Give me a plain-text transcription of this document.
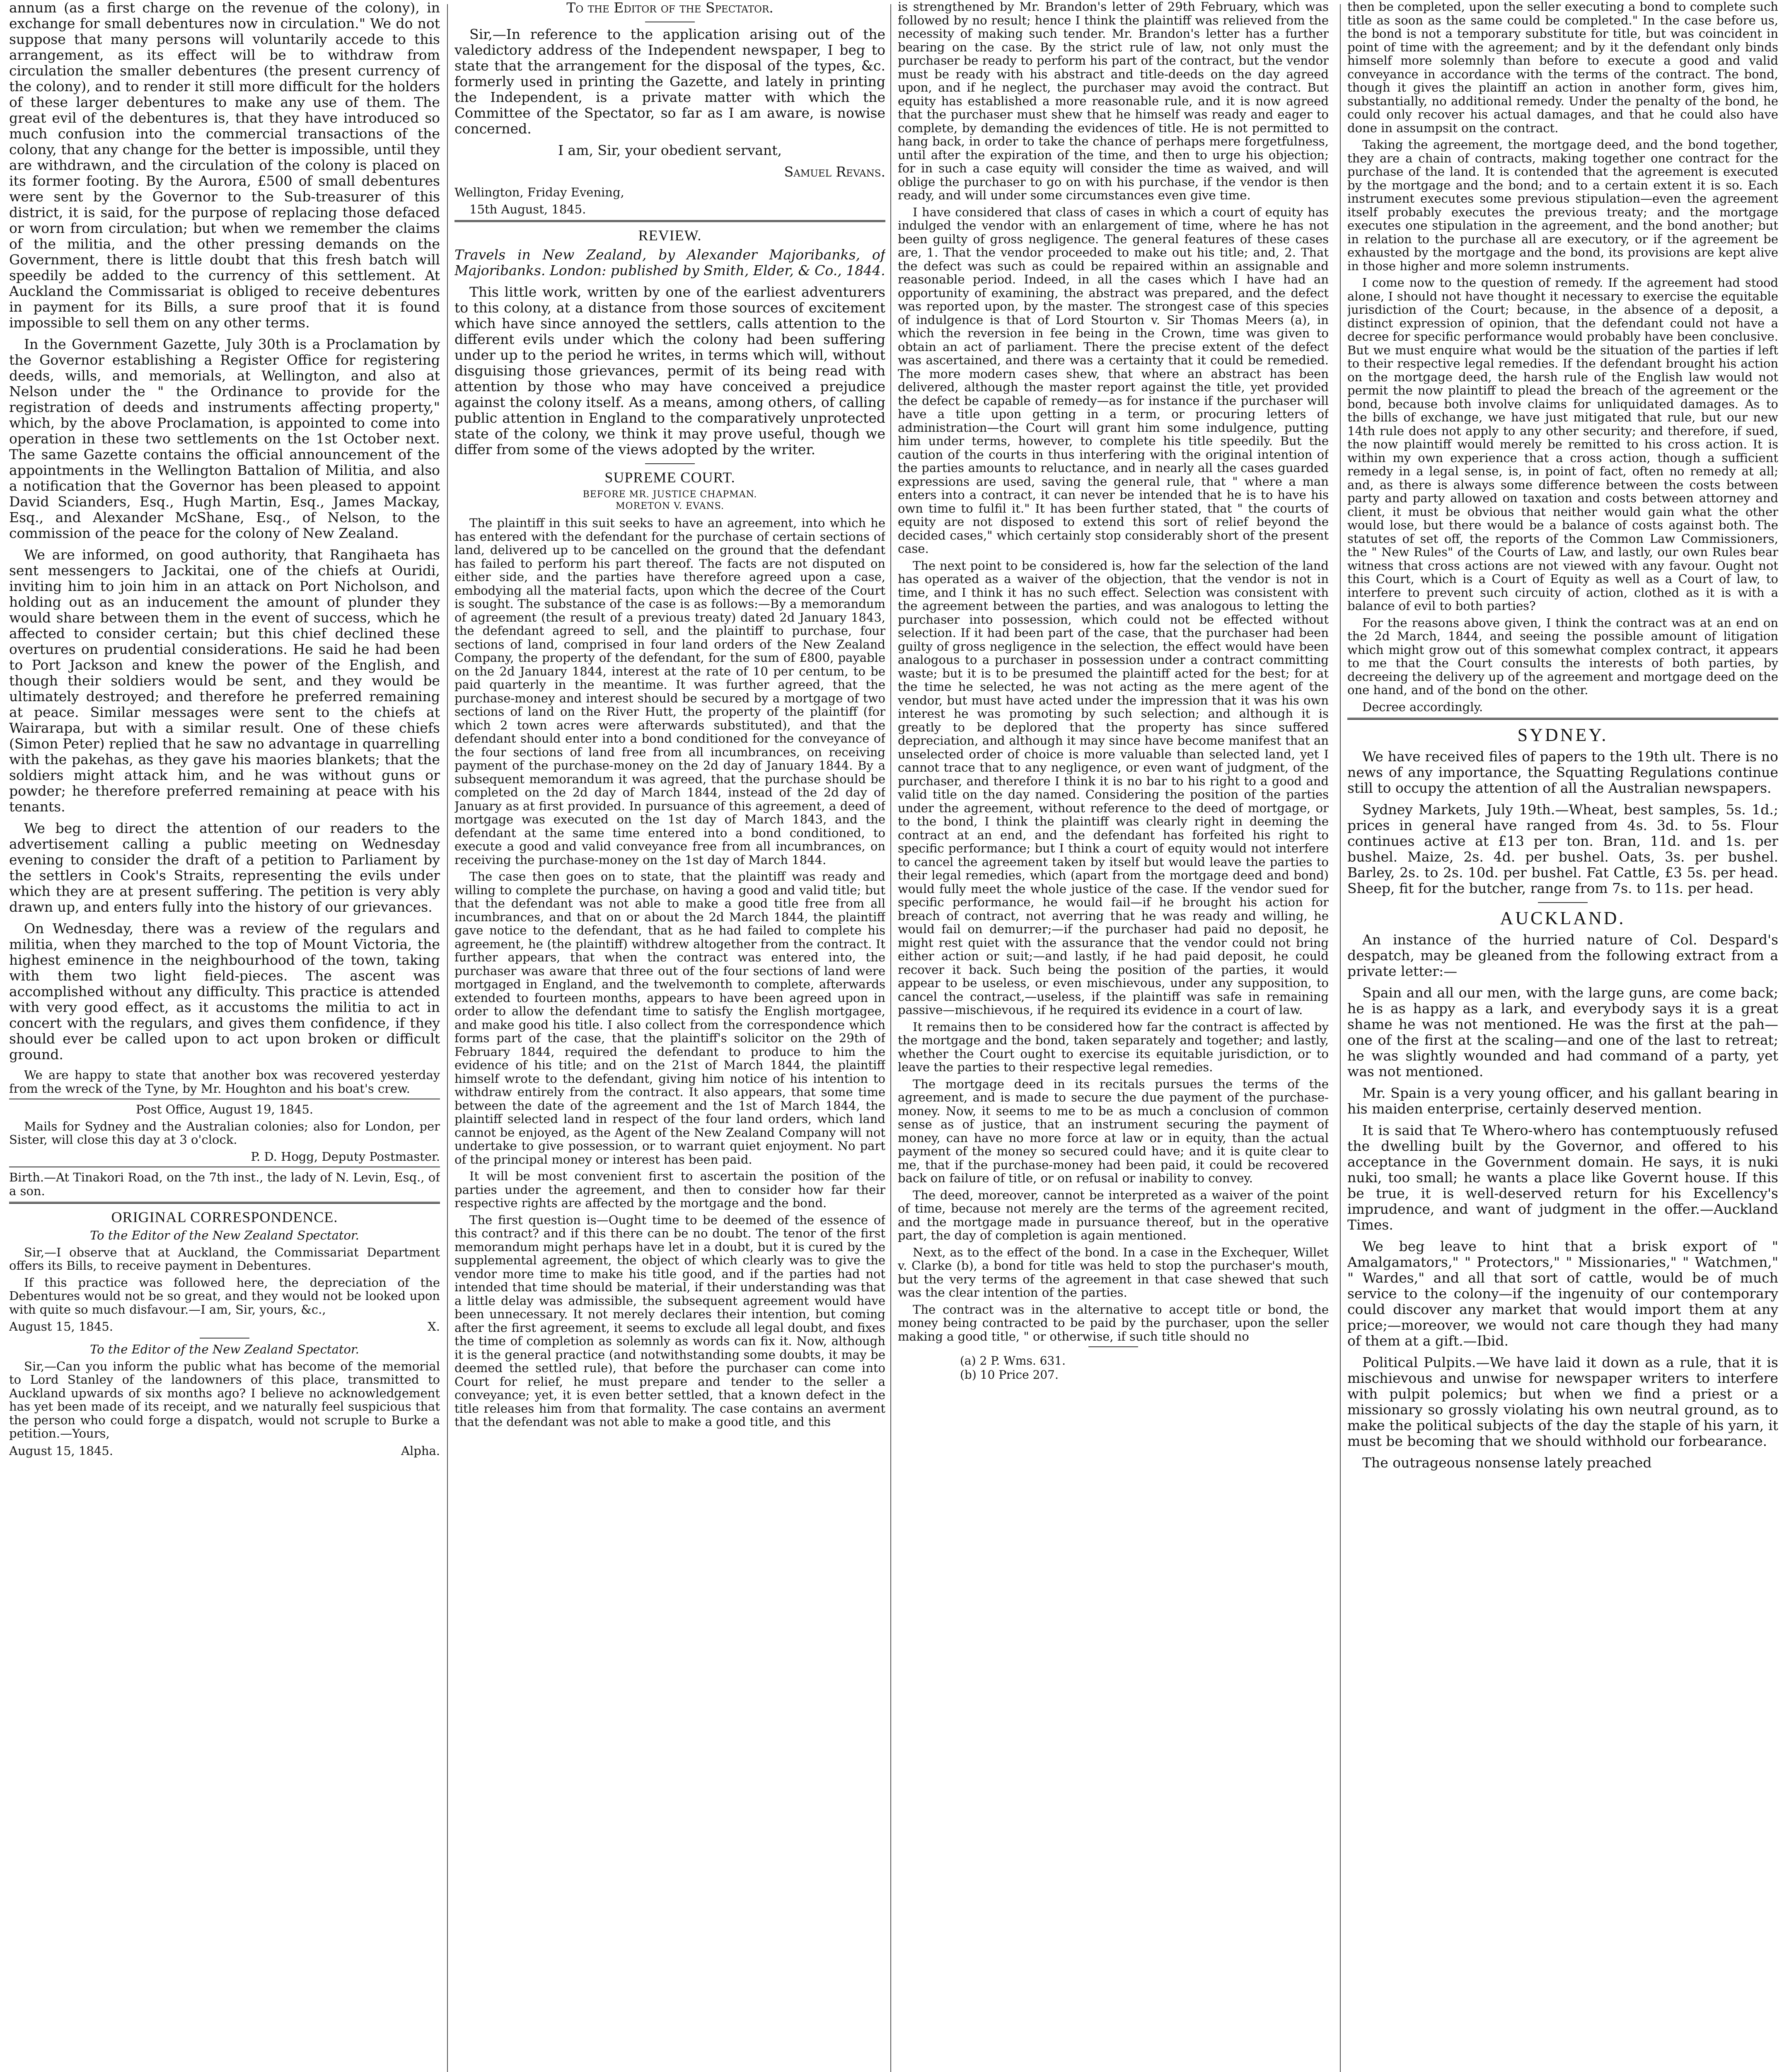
annum (as a first charge on the revenue of the colony), in exchange for small debentures now in circulation." We do not suppose that many persons will voluntarily accede to this arrangement, as its effect will be to withdraw from circulation the smaller debentures (the present currency of the colony), and to render it still more difficult for the holders of these larger debentures to make any use of them. The great evil of the debentures is, that they have introduced so much confusion into the commercial transactions of the colony, that any change for the better is impossible, until they are withdrawn, and the circulation of the colony is placed on its former footing. By the Aurora, £500 of small debentures were sent by the Governor to the Sub-treasurer of this district, it is said, for the purpose of replacing those defaced or worn from circulation; but when we remember the claims of the militia, and the other pressing demands on the Government, there is little doubt that this fresh batch will speedily be added to the currency of this settlement. At Auckland the Commissariat is obliged to receive debentures in payment for its Bills, a sure proof that it is found impossible to sell them on any other terms.

In the Government Gazette, July 30th is a Proclamation by the Governor establishing a Register Office for registering deeds, wills, and memorials, at Wellington, and also at Nelson under the " the Ordinance to provide for the registration of deeds and instruments affecting property," which, by the above Proclamation, is appointed to come into operation in these two settlements on the 1st October next. The same Gazette contains the official announcement of the appointments in the Wellington Battalion of Militia, and also a notification that the Governor has been pleased to appoint David Scianders, Esq., Hugh Martin, Esq., James Mackay, Esq., and Alexander McShane, Esq., of Nelson, to the commission of the peace for the colony of New Zealand.

We are informed, on good authority, that Rangihaeta has sent messengers to Jackitai, one of the chiefs at Ouridi, inviting him to join him in an attack on Port Nicholson, and holding out as an inducement the amount of plunder they would share between them in the event of success, which he affected to consider certain; but this chief declined these overtures on prudential considerations. He said he had been to Port Jackson and knew the power of the English, and though their soldiers would be sent, and they would be ultimately destroyed; and therefore he preferred remaining at peace. Similar messages were sent to the chiefs at Wairarapa, but with a similar result. One of these chiefs (Simon Peter) replied that he saw no advantage in quarrelling with the pakehas, as they gave his maories blankets; that the soldiers might attack him, and he was without guns or powder; he therefore preferred remaining at peace with his tenants.

We beg to direct the attention of our readers to the advertisement calling a public meeting on Wednesday evening to consider the draft of a petition to Parliament by the settlers in Cook's Straits, representing the evils under which they are at present suffering. The petition is very ably drawn up, and enters fully into the history of our grievances.

On Wednesday, there was a review of the regulars and militia, when they marched to the top of Mount Victoria, the highest eminence in the neighbourhood of the town, taking with them two light field-pieces. The ascent was accomplished without any difficulty. This practice is attended with very good effect, as it accustoms the militia to act in concert with the regulars, and gives them confidence, if they should ever be called upon to act upon broken or difficult ground.

We are happy to state that another box was recovered yesterday from the wreck of the Tyne, by Mr. Houghton and his boat's crew.

Post Office, August 19, 1845.

Mails for Sydney and the Australian colonies; also for London, per Sister, will close this day at 3 o'clock.

P. D. Hogg, Deputy Postmaster.

Birth.—At Tinakori Road, on the 7th inst., the lady of N. Levin, Esq., of a son.

ORIGINAL CORRESPONDENCE.

To the Editor of the New Zealand Spectator.

Sir,—I observe that at Auckland, the Commissariat Department offers its Bills, to receive payment in Debentures.

If this practice was followed here, the depreciation of the Debentures would not be so great, and they would not be looked upon with quite so much disfavour.—I am, Sir, yours, &c.,

August 15, 1845.	X.

To the Editor of the New Zealand Spectator.

Sir,—Can you inform the public what has become of the memorial to Lord Stanley of the landowners of this place, transmitted to Auckland upwards of six months ago? I believe no acknowledgement has yet been made of its receipt, and we naturally feel suspicious that the person who could forge a dispatch, would not scruple to Burke a petition.—Yours,

August 15, 1845.	Alpha.

To the Editor of the Spectator.

Sir,—In reference to the application arising out of the valedictory address of the Independent newspaper, I beg to state that the arrangement for the disposal of the types, &c. formerly used in printing the Gazette, and lately in printing the Independent, is a private matter with which the Committee of the Spectator, so far as I am aware, is nowise concerned.

I am, Sir, your obedient servant,

Samuel Revans.

Wellington, Friday Evening,

15th August, 1845.

REVIEW.

Travels in New Zealand, by Alexander Majoribanks, of Majoribanks. London: published by Smith, Elder, & Co., 1844.

This little work, written by one of the earliest adventurers to this colony, at a distance from those sources of excitement which have since annoyed the settlers, calls attention to the different evils under which the colony had been suffering under up to the period he writes, in terms which will, without disguising those grievances, permit of its being read with attention by those who may have conceived a prejudice against the colony itself. As a means, among others, of calling public attention in England to the comparatively unprotected state of the colony, we think it may prove useful, though we differ from some of the views adopted by the writer.

SUPREME COURT.

BEFORE MR. JUSTICE CHAPMAN.

MORETON V. EVANS.

The plaintiff in this suit seeks to have an agreement, into which he has entered with the defendant for the purchase of certain sections of land, delivered up to be cancelled on the ground that the defendant has failed to perform his part thereof. The facts are not disputed on either side, and the parties have therefore agreed upon a case, embodying all the material facts, upon which the decree of the Court is sought. The substance of the case is as follows:—By a memorandum of agreement (the result of a previous treaty) dated 2d January 1843, the defendant agreed to sell, and the plaintiff to purchase, four sections of land, comprised in four land orders of the New Zealand Company, the property of the defendant, for the sum of £800, payable on the 2d January 1844, interest at the rate of 10 per centum, to be paid quarterly in the meantime. It was further agreed, that the purchase-money and interest should be secured by a mortgage of two sections of land on the River Hutt, the property of the plaintiff (for which 2 town acres were afterwards substituted), and that the defendant should enter into a bond conditioned for the conveyance of the four sections of land free from all incumbrances, on receiving payment of the purchase-money on the 2d day of January 1844. By a subsequent memorandum it was agreed, that the purchase should be completed on the 2d day of March 1844, instead of the 2d day of January as at first provided. In pursuance of this agreement, a deed of mortgage was executed on the 1st day of March 1843, and the defendant at the same time entered into a bond conditioned, to execute a good and valid conveyance free from all incumbrances, on receiving the purchase-money on the 1st day of March 1844.

The case then goes on to state, that the plaintiff was ready and willing to complete the purchase, on having a good and valid title; but that the defendant was not able to make a good title free from all incumbrances, and that on or about the 2d March 1844, the plaintiff gave notice to the defendant, that as he had failed to complete his agreement, he (the plaintiff) withdrew altogether from the contract. It further appears, that when the contract was entered into, the purchaser was aware that three out of the four sections of land were mortgaged in England, and the twelvemonth to complete, afterwards extended to fourteen months, appears to have been agreed upon in order to allow the defendant time to satisfy the English mortgagee, and make good his title. I also collect from the correspondence which forms part of the case, that the plaintiff's solicitor on the 29th of February 1844, required the defendant to produce to him the evidence of his title; and on the 21st of March 1844, the plaintiff himself wrote to the defendant, giving him notice of his intention to withdraw entirely from the contract. It also appears, that some time between the date of the agreement and the 1st of March 1844, the plaintiff selected land in respect of the four land orders, which land cannot be enjoyed, as the Agent of the New Zealand Company will not undertake to give possession, or to warrant quiet enjoyment. No part of the principal money or interest has been paid.

It will be most convenient first to ascertain the position of the parties under the agreement, and then to consider how far their respective rights are affected by the mortgage and the bond.

The first question is—Ought time to be deemed of the essence of this contract? and if this there can be no doubt. The tenor of the first memorandum might perhaps have let in a doubt, but it is cured by the supplemental agreement, the object of which clearly was to give the vendor more time to make his title good, and if the parties had not intended that time should be material, if their understanding was that a little delay was admissible, the subsequent agreement would have been unnecessary. It not merely declares their intention, but coming after the first agreement, it seems to exclude all legal doubt, and fixes the time of completion as solemnly as words can fix it. Now, although it is the general practice (and notwithstanding some doubts, it may be deemed the settled rule), that before the purchaser can come into Court for relief, he must prepare and tender to the seller a conveyance; yet, it is even better settled, that a known defect in the title releases him from that formality. The case contains an averment that the defendant was not able to make a good title, and this

is strengthened by Mr. Brandon's letter of 29th February, which was followed by no result; hence I think the plaintiff was relieved from the necessity of making such tender. Mr. Brandon's letter has a further bearing on the case. By the strict rule of law, not only must the purchaser be ready to perform his part of the contract, but the vendor must be ready with his abstract and title-deeds on the day agreed upon, and if he neglect, the purchaser may avoid the contract. But equity has established a more reasonable rule, and it is now agreed that the purchaser must shew that he himself was ready and eager to complete, by demanding the evidences of title. He is not permitted to hang back, in order to take the chance of perhaps mere forgetfulness, until after the expiration of the time, and then to urge his objection; for in such a case equity will consider the time as waived, and will oblige the purchaser to go on with his purchase, if the vendor is then ready, and will under some circumstances even give time.

I have considered that class of cases in which a court of equity has indulged the vendor with an enlargement of time, where he has not been guilty of gross negligence. The general features of these cases are, 1. That the vendor proceeded to make out his title; and, 2. That the defect was such as could be repaired within an assignable and reasonable period. Indeed, in all the cases which I have had an opportunity of examining, the abstract was prepared, and the defect was reported upon, by the master. The strongest case of this species of indulgence is that of Lord Stourton v. Sir Thomas Meers (a), in which the reversion in fee being in the Crown, time was given to obtain an act of parliament. There the precise extent of the defect was ascertained, and there was a certainty that it could be remedied. The more modern cases shew, that where an abstract has been delivered, although the master report against the title, yet provided the defect be capable of remedy—as for instance if the purchaser will have a title upon getting in a term, or procuring letters of administration—the Court will grant him some indulgence, putting him under terms, however, to complete his title speedily. But the caution of the courts in thus interfering with the original intention of the parties amounts to reluctance, and in nearly all the cases guarded expressions are used, saving the general rule, that " where a man enters into a contract, it can never be intended that he is to have his own time to fulfil it." It has been further stated, that " the courts of equity are not disposed to extend this sort of relief beyond the decided cases," which certainly stop considerably short of the present case.

The next point to be considered is, how far the selection of the land has operated as a waiver of the objection, that the vendor is not in time, and I think it has no such effect. Selection was consistent with the agreement between the parties, and was analogous to letting the purchaser into possession, which could not be effected without selection. If it had been part of the case, that the purchaser had been guilty of gross negligence in the selection, the effect would have been analogous to a purchaser in possession under a contract committing waste; but it is to be presumed the plaintiff acted for the best; for at the time he selected, he was not acting as the mere agent of the vendor, but must have acted under the impression that it was his own interest he was promoting by such selection; and although it is greatly to be deplored that the property has since suffered depreciation, and although it may since have become manifest that an unselected order of choice is more valuable than selected land, yet I cannot trace that to any negligence, or even want of judgment, of the purchaser, and therefore I think it is no bar to his right to a good and valid title on the day named. Considering the position of the parties under the agreement, without reference to the deed of mortgage, or to the bond, I think the plaintiff was clearly right in deeming the contract at an end, and the defendant has forfeited his right to specific performance; but I think a court of equity would not interfere to cancel the agreement taken by itself but would leave the parties to their legal remedies, which (apart from the mortgage deed and bond) would fully meet the whole justice of the case. If the vendor sued for specific performance, he would fail—if he brought his action for breach of contract, not averring that he was ready and willing, he would fail on demurrer;—if the purchaser had paid no deposit, he might rest quiet with the assurance that the vendor could not bring either action or suit;—and lastly, if he had paid deposit, he could recover it back. Such being the position of the parties, it would appear to be useless, or even mischievous, under any supposition, to cancel the contract,—useless, if the plaintiff was safe in remaining passive—mischievous, if he required its evidence in a court of law.

It remains then to be considered how far the contract is affected by the mortgage and the bond, taken separately and together; and lastly, whether the Court ought to exercise its equitable jurisdiction, or to leave the parties to their respective legal remedies.

The mortgage deed in its recitals pursues the terms of the agreement, and is made to secure the due payment of the purchase-money. Now, it seems to me to be as much a conclusion of common sense as of justice, that an instrument securing the payment of money, can have no more force at law or in equity, than the actual payment of the money so secured could have; and it is quite clear to me, that if the purchase-money had been paid, it could be recovered back on failure of title, or on refusal or inability to convey.

The deed, moreover, cannot be interpreted as a waiver of the point of time, because not merely are the terms of the agreement recited, and the mortgage made in pursuance thereof, but in the operative part, the day of completion is again mentioned.

Next, as to the effect of the bond. In a case in the Exchequer, Willet v. Clarke (b), a bond for title was held to stop the purchaser's mouth, but the very terms of the agreement in that case shewed that such was the clear intention of the parties.

The contract was in the alternative to accept title or bond, the money being contracted to be paid by the purchaser, upon the seller making a good title, " or otherwise, if such title should no

(a) 2 P. Wms. 631.
(b) 10 Price 207.

then be completed, upon the seller executing a bond to complete such title as soon as the same could be completed." In the case before us, the bond is not a temporary substitute for title, but was coincident in point of time with the agreement; and by it the defendant only binds himself more solemnly than before to execute a good and valid conveyance in accordance with the terms of the contract. The bond, though it gives the plaintiff an action in another form, gives him, substantially, no additional remedy. Under the penalty of the bond, he could only recover his actual damages, and that he could also have done in assumpsit on the contract.

Taking the agreement, the mortgage deed, and the bond together, they are a chain of contracts, making together one contract for the purchase of the land. It is contended that the agreement is executed by the mortgage and the bond; and to a certain extent it is so. Each instrument executes some previous stipulation—even the agreement itself probably executes the previous treaty; and the mortgage executes one stipulation in the agreement, and the bond another; but in relation to the purchase all are executory, or if the agreement be exhausted by the mortgage and the bond, its provisions are kept alive in those higher and more solemn instruments.

I come now to the question of remedy. If the agreement had stood alone, I should not have thought it necessary to exercise the equitable jurisdiction of the Court; because, in the absence of a deposit, a distinct expression of opinion, that the defendant could not have a decree for specific performance would probably have been conclusive. But we must enquire what would be the situation of the parties if left to their respective legal remedies. If the defendant brought his action on the mortgage deed, the harsh rule of the English law would not permit the now plaintiff to plead the breach of the agreement or the bond, because both involve claims for unliquidated damages. As to the bills of exchange, we have just mitigated that rule, but our new 14th rule does not apply to any other security; and therefore, if sued, the now plaintiff would merely be remitted to his cross action. It is within my own experience that a cross action, though a sufficient remedy in a legal sense, is, in point of fact, often no remedy at all; and, as there is always some difference between the costs between party and party allowed on taxation and costs between attorney and client, it must be obvious that neither would gain what the other would lose, but there would be a balance of costs against both. The statutes of set off, the reports of the Common Law Commissioners, the " New Rules" of the Courts of Law, and lastly, our own Rules bear witness that cross actions are not viewed with any favour. Ought not this Court, which is a Court of Equity as well as a Court of law, to interfere to prevent such circuity of action, clothed as it is with a balance of evil to both parties?

For the reasons above given, I think the contract was at an end on the 2d March, 1844, and seeing the possible amount of litigation which might grow out of this somewhat complex contract, it appears to me that the Court consults the interests of both parties, by decreeing the delivery up of the agreement and mortgage deed on the one hand, and of the bond on the other.

Decree accordingly.

SYDNEY.

We have received files of papers to the 19th ult. There is no news of any importance, the Squatting Regulations continue still to occupy the attention of all the Australian newspapers.

Sydney Markets, July 19th.—Wheat, best samples, 5s. 1d.; prices in general have ranged from 4s. 3d. to 5s. Flour continues active at £13 per ton. Bran, 11d. and 1s. per bushel. Maize, 2s. 4d. per bushel. Oats, 3s. per bushel. Barley, 2s. to 2s. 10d. per bushel. Fat Cattle, £3 5s. per head. Sheep, fit for the butcher, range from 7s. to 11s. per head.

AUCKLAND.

An instance of the hurried nature of Col. Despard's despatch, may be gleaned from the following extract from a private letter:—

Spain and all our men, with the large guns, are come back; he is as happy as a lark, and everybody says it is a great shame he was not mentioned. He was the first at the pah—one of the first at the scaling—and one of the last to retreat; he was slightly wounded and had command of a party, yet was not mentioned.

Mr. Spain is a very young officer, and his gallant bearing in his maiden enterprise, certainly deserved mention.

It is said that Te Whero-whero has contemptuously refused the dwelling built by the Governor, and offered to his acceptance in the Government domain. He says, it is nuki nuki, too small; he wants a place like Governt house. If this be true, it is well-deserved return for his Excellency's imprudence, and want of judgment in the offer.—Auckland Times.

We beg leave to hint that a brisk export of " Amalgamators," " Protectors," " Missionaries," " Watchmen," " Wardes," and all that sort of cattle, would be of much service to the colony—if the ingenuity of our contemporary could discover any market that would import them at any price;—moreover, we would not care though they had many of them at a gift.—Ibid.

Political Pulpits.—We have laid it down as a rule, that it is mischievous and unwise for newspaper writers to interfere with pulpit polemics; but when we find a priest or a missionary so grossly violating his own neutral ground, as to make the political subjects of the day the staple of his yarn, it must be becoming that we should withhold our forbearance.

The outrageous nonsense lately preached
